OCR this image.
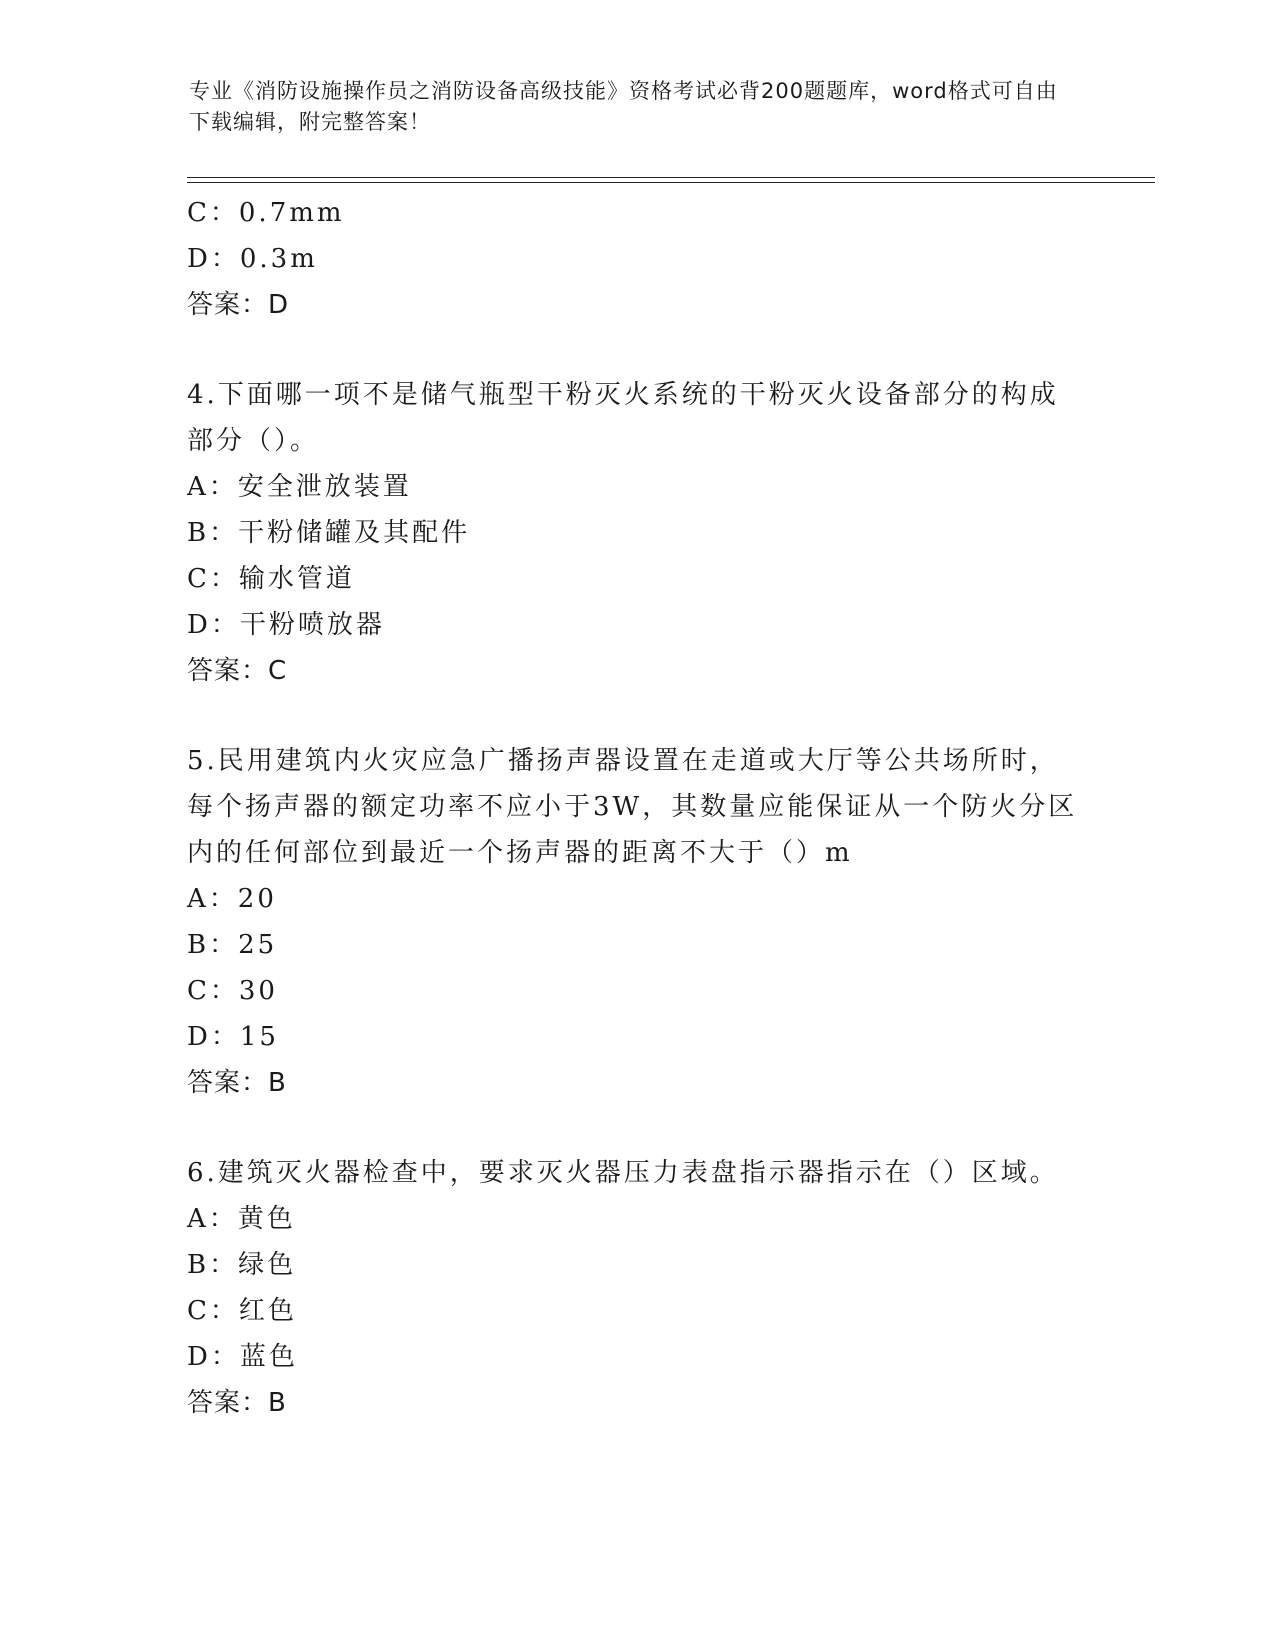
专业《消防设施操作员之消防设备高级技能》资格考试必背200题题库，word格式可自由下载编辑，附完整答案！
C：0.7mm
D：0.3m
答案：D
4.下面哪一项不是储气瓶型干粉灭火系统的干粉灭火设备部分的构成部分（）。
A：安全泄放装置
B：干粉储罐及其配件
C：输水管道
D：干粉喷放器
答案：C
5.民用建筑内火灾应急广播扬声器设置在走道或大厅等公共场所时，每个扬声器的额定功率不应小于3W，其数量应能保证从一个防火分区内的任何部位到最近一个扬声器的距离不大于（）m
A：20
B：25
C：30
D：15
答案：B
6.建筑灭火器检查中，要求灭火器压力表盘指示器指示在（）区域。
A：黄色
B：绿色
C：红色
D：蓝色
答案：B
